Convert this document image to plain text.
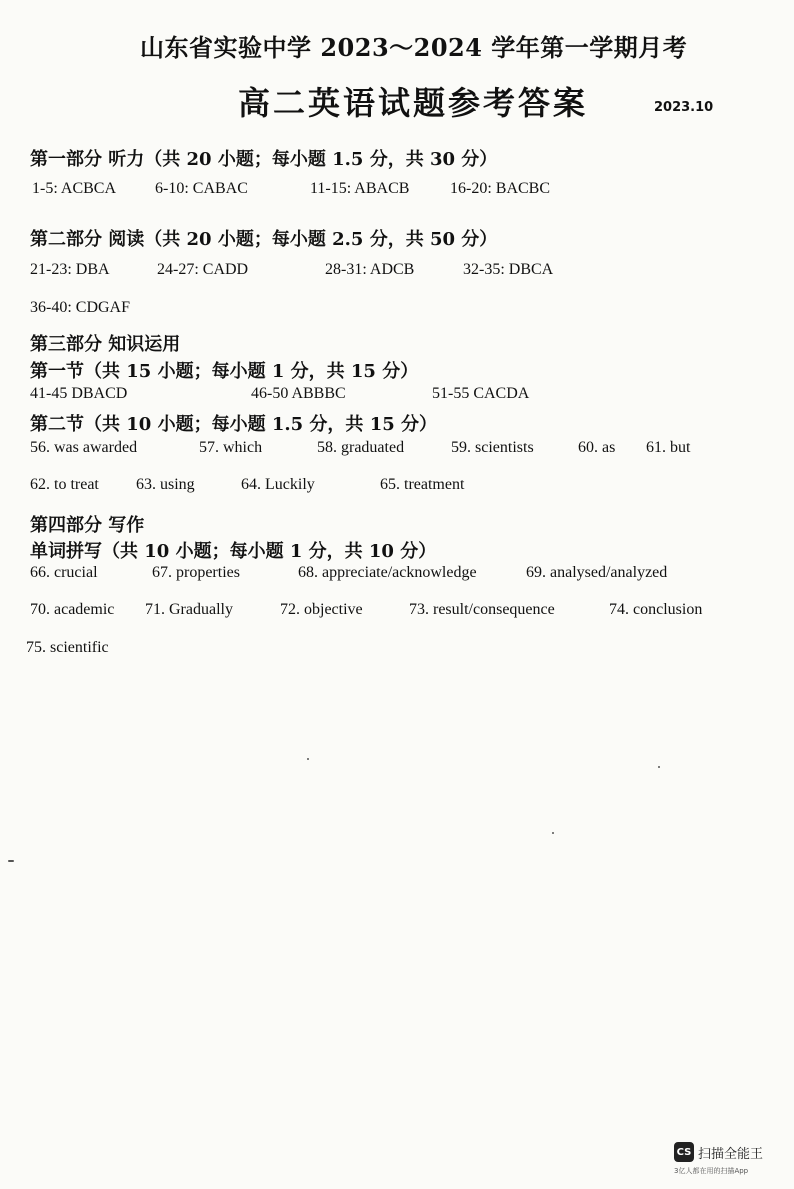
山东省实验中学 2023～2024 学年第一学期月考
高二英语试题参考答案	2023.10
第一部分 听力（共 20 小题；每小题 1.5 分，共 30 分）
1-5: ACBCA 6-10: CABAC	11-15: ABACB	16-20: BACBC
第二部分 阅读（共 20 小题；每小题 2.5 分，共 50 分）
21-23: DBA	24-27: CADD	28-31: ADCB	32-35: DBCA
36-40: CDGAF
第三部分 知识运用
第一节（共 15 小题；每小题 1 分，共 15 分）
41-45 DBACD	46-50 ABBBC	51-55 CACDA
第二节（共 10 小题；每小题 1.5 分，共 15 分）
56. was awarded	57. which	58. graduated	59. scientists	60. as 61. but
62. to treat 63. using	64. Luckily	65. treatment
第四部分 写作
单词拼写（共 10 小题；每小题 1 分，共 10 分）
66. crucial	67. properties	68. appreciate/acknowledge	69. analysed/analyzed
70. academic 71. Gradually	72. objective	73. result/consequence	74. conclusion
75. scientific
CS 扫描全能王
3亿人都在用的扫描App
